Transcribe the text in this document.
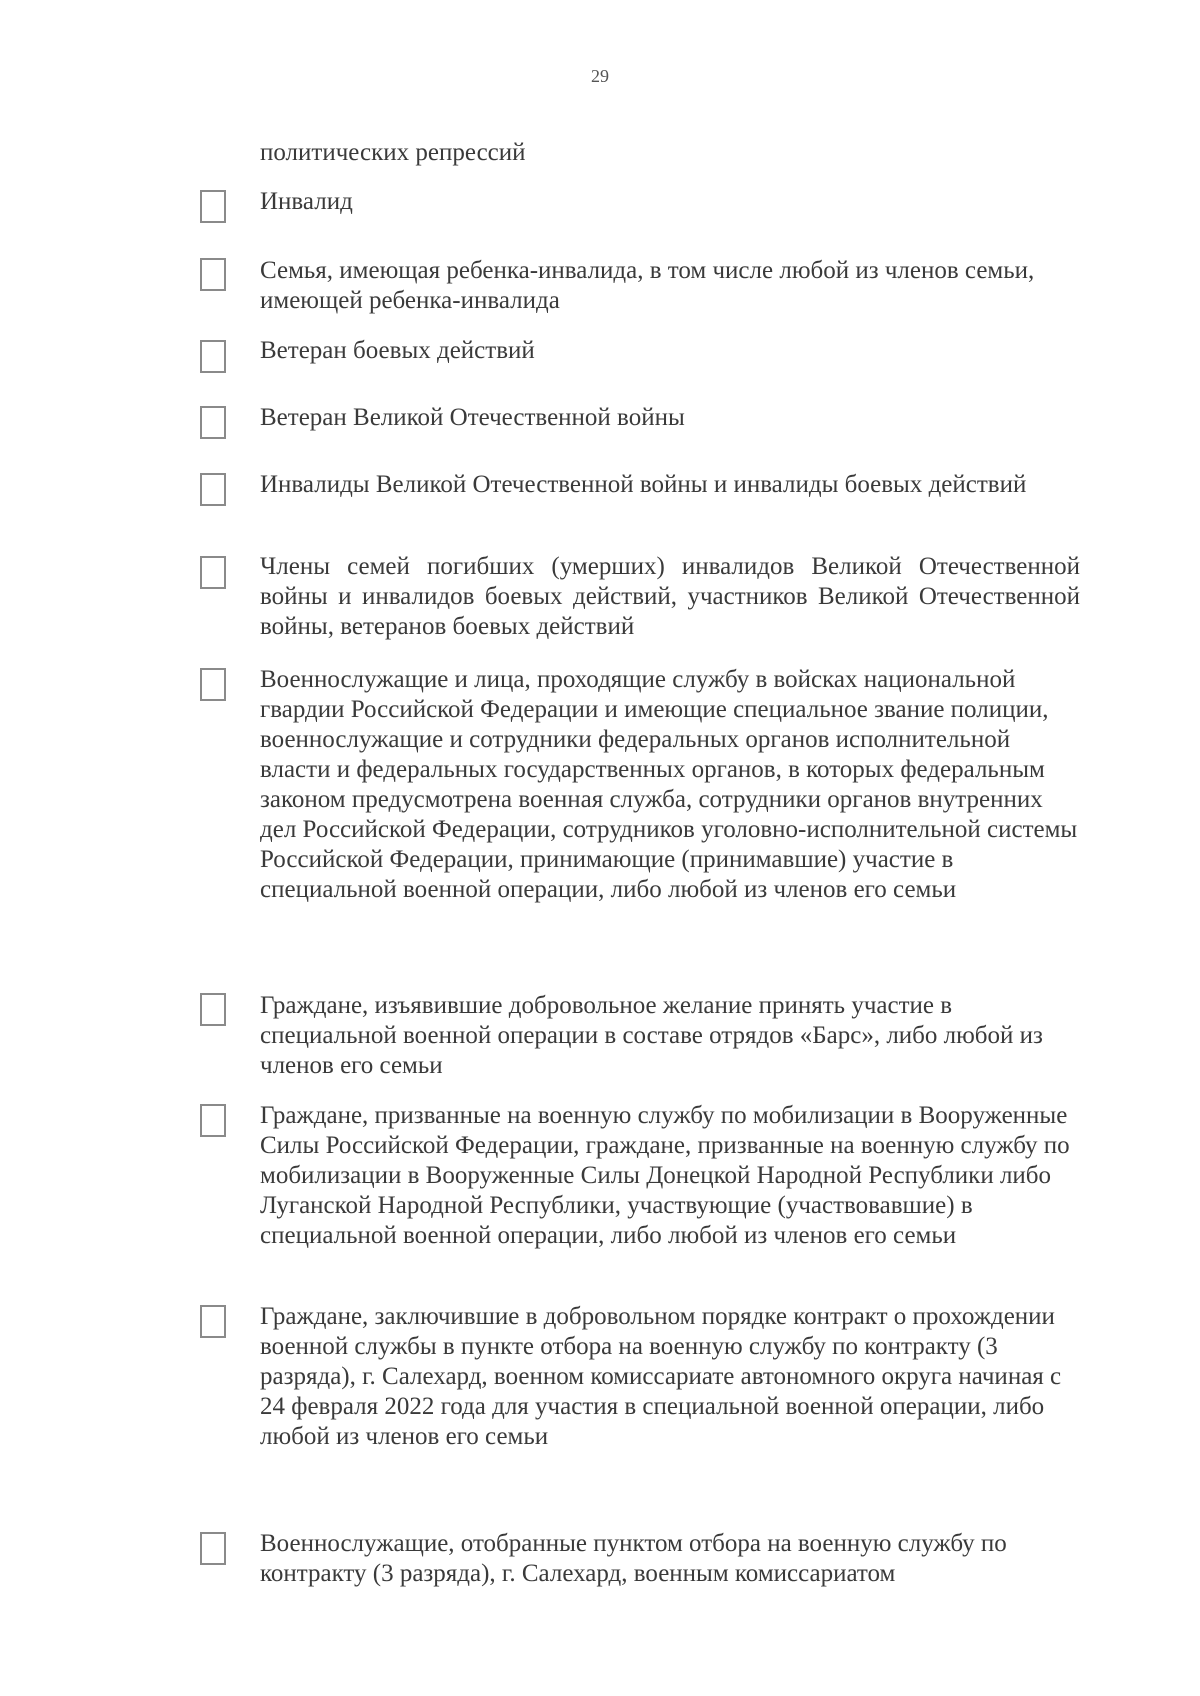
29
политических репрессий
Инвалид
Семья, имеющая ребенка-инвалида, в том числе любой из членов семьи, имеющей ребенка-инвалида
Ветеран боевых действий
Ветеран Великой Отечественной войны
Инвалиды Великой Отечественной войны и инвалиды боевых действий
Члены семей погибших (умерших) инвалидов Великой Отечественной войны и инвалидов боевых действий, участников Великой Отечественной войны, ветеранов боевых действий
Военнослужащие и лица, проходящие службу в войсках национальной гвардии Российской Федерации и имеющие специальное звание полиции, военнослужащие и сотрудники федеральных органов исполнительной власти и федеральных государственных органов, в которых федеральным законом предусмотрена военная служба, сотрудники органов внутренних дел Российской Федерации, сотрудников уголовно-исполнительной системы Российской Федерации, принимающие (принимавшие) участие в специальной военной операции, либо любой из членов его семьи
Граждане, изъявившие добровольное желание принять участие в специальной военной операции в составе отрядов «Барс», либо любой из членов его семьи
Граждане, призванные на военную службу по мобилизации в Вооруженные Силы Российской Федерации, граждане, призванные на военную службу по мобилизации в Вооруженные Силы Донецкой Народной Республики либо Луганской Народной Республики, участвующие (участвовавшие) в специальной военной операции, либо любой из членов его семьи
Граждане, заключившие в добровольном порядке контракт о прохождении военной службы в пункте отбора на военную службу по контракту (3 разряда), г. Салехард, военном комиссариате автономного округа начиная с 24 февраля 2022 года для участия в специальной военной операции, либо любой из членов его семьи
Военнослужащие, отобранные пунктом отбора на военную службу по контракту (3 разряда), г. Салехард, военным комиссариатом
